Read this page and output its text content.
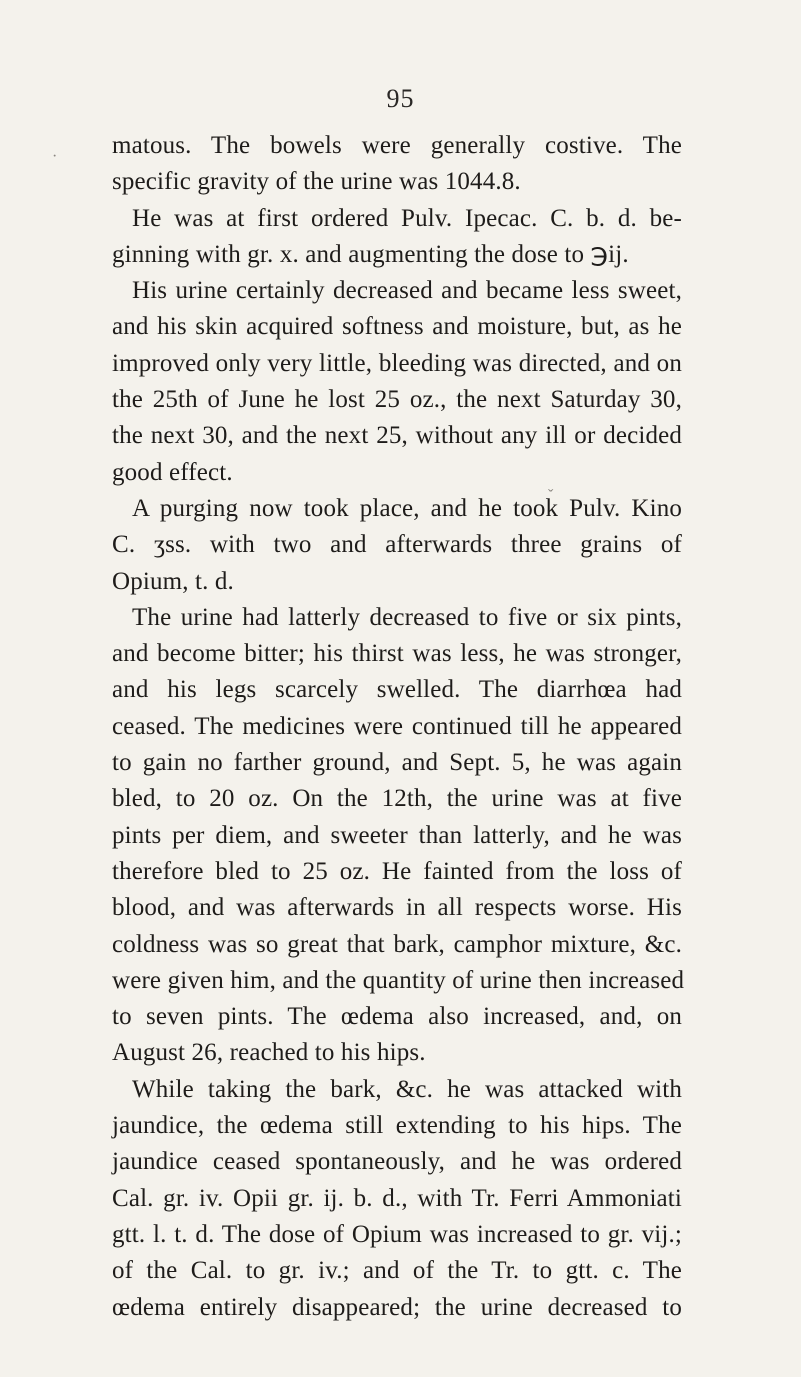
95
matous. The bowels were generally costive. The
specific gravity of the urine was 1044.8.
He was at first ordered Pulv. Ipecac. C. b. d. be-
ginning with gr. x. and augmenting the dose to ℈ij.
His urine certainly decreased and became less sweet,
and his skin acquired softness and moisture, but, as he
improved only very little, bleeding was directed, and on
the 25th of June he lost 25 oz., the next Saturday 30,
the next 30, and the next 25, without any ill or decided
good effect.
A purging now took place, and he took Pulv. Kino
C. ʒss. with two and afterwards three grains of
Opium, t. d.
The urine had latterly decreased to five or six pints,
and become bitter; his thirst was less, he was stronger,
and his legs scarcely swelled. The diarrhœa had
ceased. The medicines were continued till he appeared
to gain no farther ground, and Sept. 5, he was again
bled, to 20 oz. On the 12th, the urine was at five
pints per diem, and sweeter than latterly, and he was
therefore bled to 25 oz. He fainted from the loss of
blood, and was afterwards in all respects worse. His
coldness was so great that bark, camphor mixture, &c.
were given him, and the quantity of urine then increased
to seven pints. The œdema also increased, and, on
August 26, reached to his hips.
While taking the bark, &c. he was attacked with
jaundice, the œdema still extending to his hips. The
jaundice ceased spontaneously, and he was ordered
Cal. gr. iv. Opii gr. ij. b. d., with Tr. Ferri Ammoniati
gtt. l. t. d. The dose of Opium was increased to gr. vij.;
of the Cal. to gr. iv.; and of the Tr. to gtt. c. The
œdema entirely disappeared; the urine decreased to
·
ˬ
